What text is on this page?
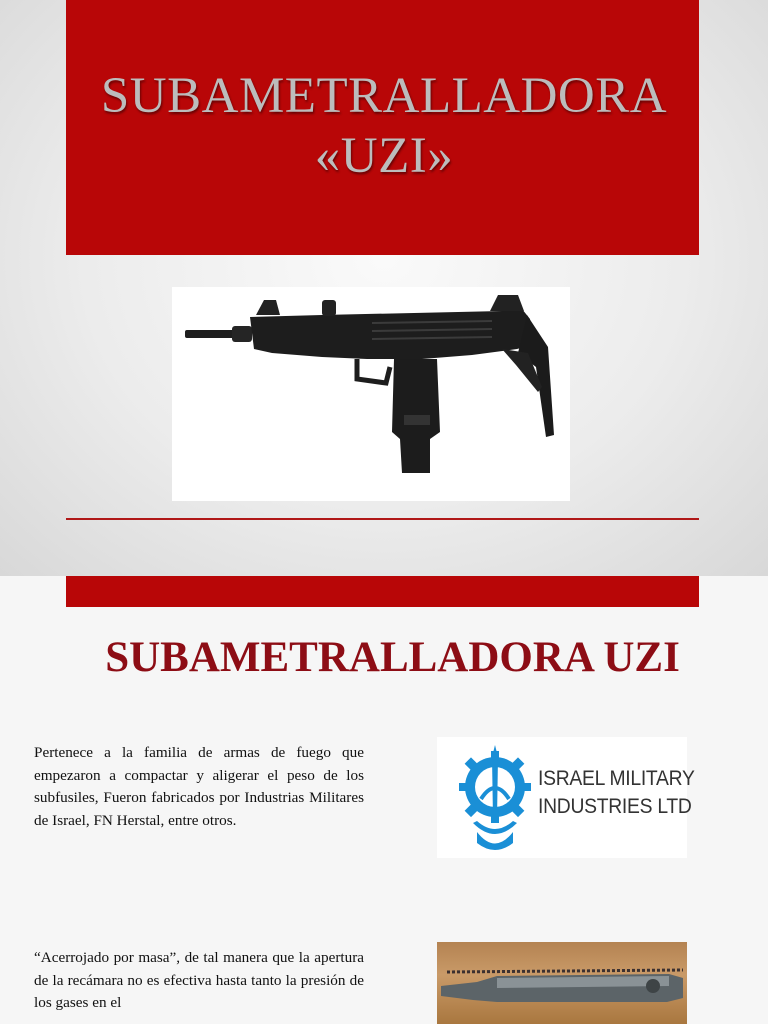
SUBAMETRALLADORA
«UZI»
SUBAMETRALLADORA UZI
Pertenece a la familia de armas de fuego que empezaron a compactar y aligerar el peso de los subfusiles, Fueron fabricados por Industrias Militares de Israel, FN Herstal, entre otros.
ISRAEL MILITARY
INDUSTRIES LTD
“Acerrojado por masa”, de tal manera que la apertura de la recámara no es efectiva hasta tanto la presión de los gases en el
